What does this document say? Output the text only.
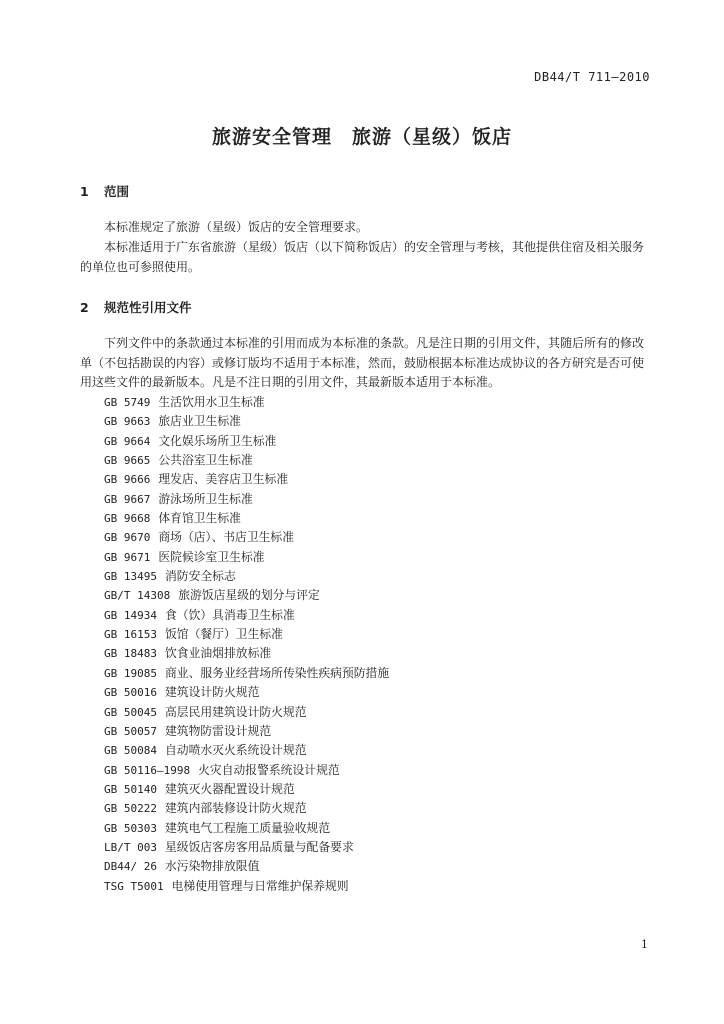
DB44/T 711—2010
旅游安全管理　旅游（星级）饭店
1 范围
本标准规定了旅游（星级）饭店的安全管理要求。
本标准适用于广东省旅游（星级）饭店（以下简称饭店）的安全管理与考核，其他提供住宿及相关服务的单位也可参照使用。
2 规范性引用文件
下列文件中的条款通过本标准的引用而成为本标准的条款。凡是注日期的引用文件，其随后所有的修改单（不包括勘误的内容）或修订版均不适用于本标准，然而，鼓励根据本标准达成协议的各方研究是否可使用这些文件的最新版本。凡是不注日期的引用文件，其最新版本适用于本标准。
GB 5749 生活饮用水卫生标准
GB 9663 旅店业卫生标准
GB 9664 文化娱乐场所卫生标准
GB 9665 公共浴室卫生标准
GB 9666 理发店、美容店卫生标准
GB 9667 游泳场所卫生标准
GB 9668 体育馆卫生标准
GB 9670 商场（店）、书店卫生标准
GB 9671 医院候诊室卫生标准
GB 13495 消防安全标志
GB/T 14308 旅游饭店星级的划分与评定
GB 14934 食（饮）具消毒卫生标准
GB 16153 饭馆（餐厅）卫生标准
GB 18483 饮食业油烟排放标准
GB 19085 商业、服务业经营场所传染性疾病预防措施
GB 50016 建筑设计防火规范
GB 50045 高层民用建筑设计防火规范
GB 50057 建筑物防雷设计规范
GB 50084 自动喷水灭火系统设计规范
GB 50116—1998 火灾自动报警系统设计规范
GB 50140 建筑灭火器配置设计规范
GB 50222 建筑内部装修设计防火规范
GB 50303 建筑电气工程施工质量验收规范
LB/T 003 星级饭店客房客用品质量与配备要求
DB44/ 26 水污染物排放限值
TSG T5001 电梯使用管理与日常维护保养规则
1
